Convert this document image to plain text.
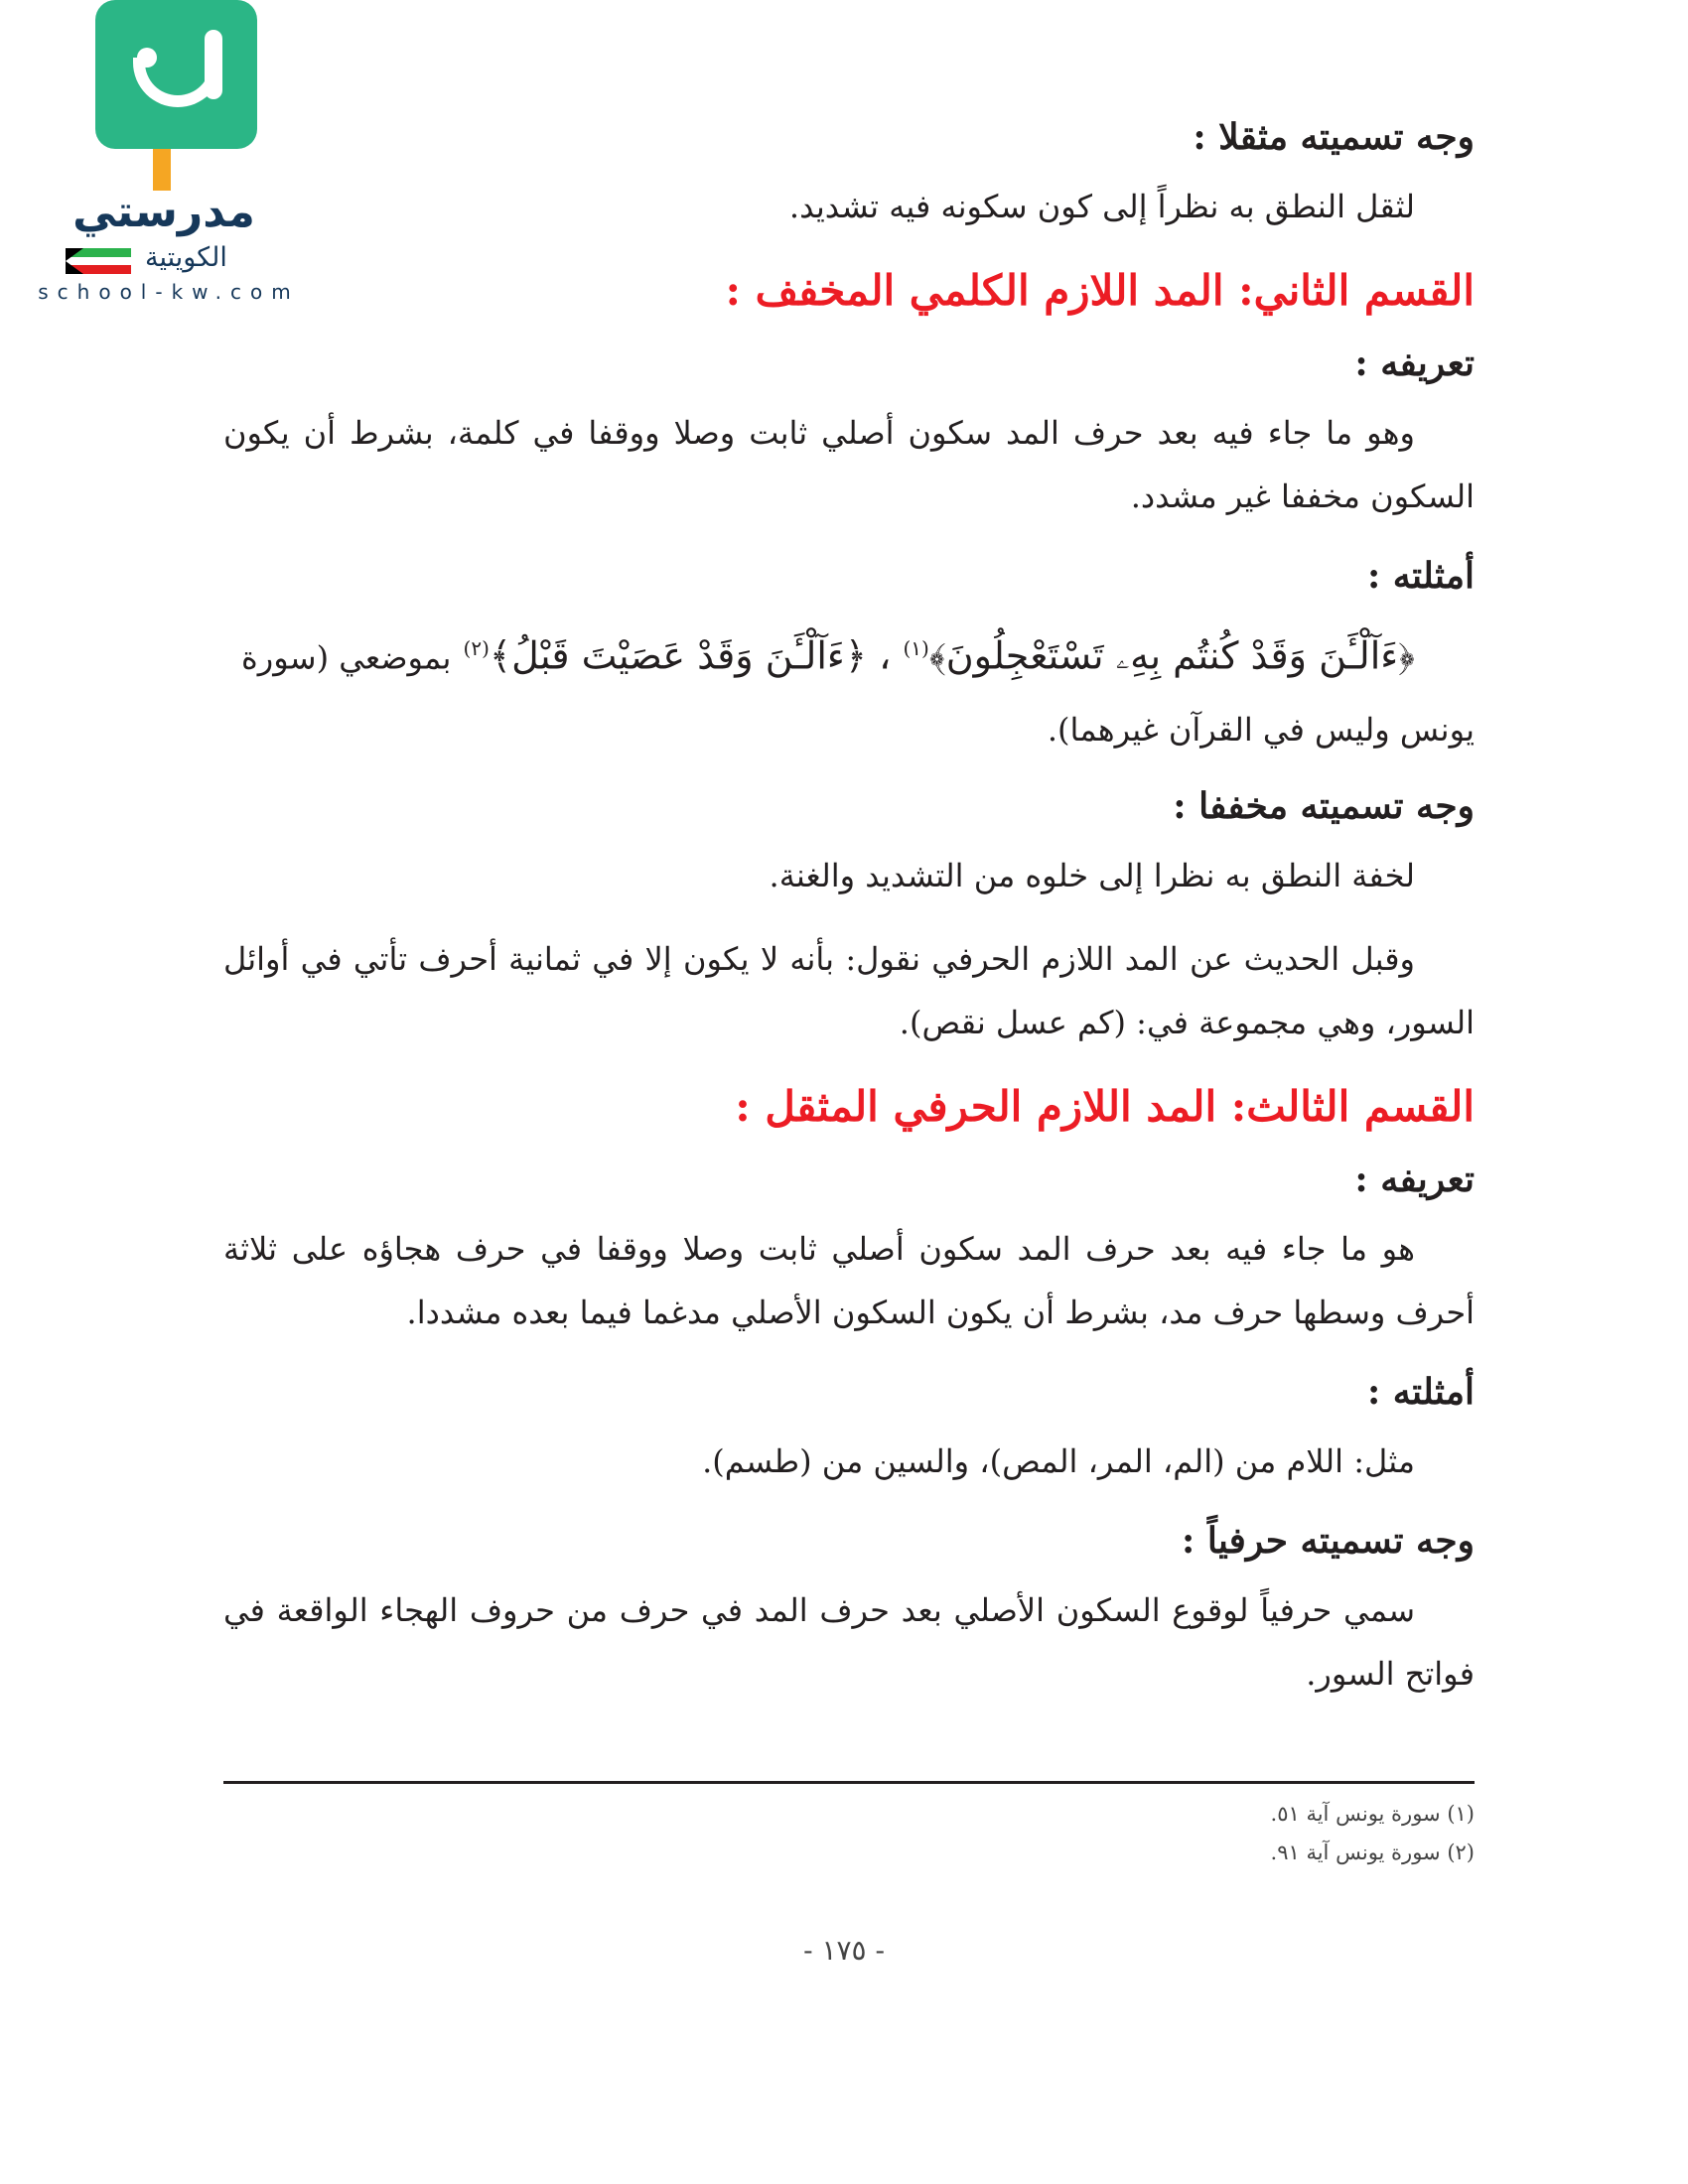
مدرستي
الكويتية
school-kw.com
وجه تسميته مثقلا :
لثقل النطق به نظراً إلى كون سكونه فيه تشديد.
القسم الثاني: المد اللازم الكلمي المخفف :
تعريفه :
وهو ما جاء فيه بعد حرف المد سكون أصلي ثابت وصلا ووقفا في كلمة، بشرط أن يكون السكون مخففا غير مشدد.
أمثلته :
﴿ءَآلْـَٔنَ وَقَدْ كُنتُم بِهِۦ تَسْتَعْجِلُونَ﴾$^{(١)}$ ، ﴿ءَآلْـَٔنَ وَقَدْ عَصَيْتَ قَبْلُ﴾$^{(٢)}$ بموضعي (سورة يونس وليس في القرآن غيرهما).
وجه تسميته مخففا :
لخفة النطق به نظرا إلى خلوه من التشديد والغنة.
وقبل الحديث عن المد اللازم الحرفي نقول: بأنه لا يكون إلا في ثمانية أحرف تأتي في أوائل السور، وهي مجموعة في: (كم عسل نقص).
القسم الثالث: المد اللازم الحرفي المثقل :
تعريفه :
هو ما جاء فيه بعد حرف المد سكون أصلي ثابت وصلا ووقفا في حرف هجاؤه على ثلاثة أحرف وسطها حرف مد، بشرط أن يكون السكون الأصلي مدغما فيما بعده مشددا.
أمثلته :
مثل: اللام من (الم، المر، المص)، والسين من (طسم).
وجه تسميته حرفياً :
سمي حرفياً لوقوع السكون الأصلي بعد حرف المد في حرف من حروف الهجاء الواقعة في فواتح السور.
(١) سورة يونس آية ٥١.
(٢) سورة يونس آية ٩١.
- ١٧٥ -
